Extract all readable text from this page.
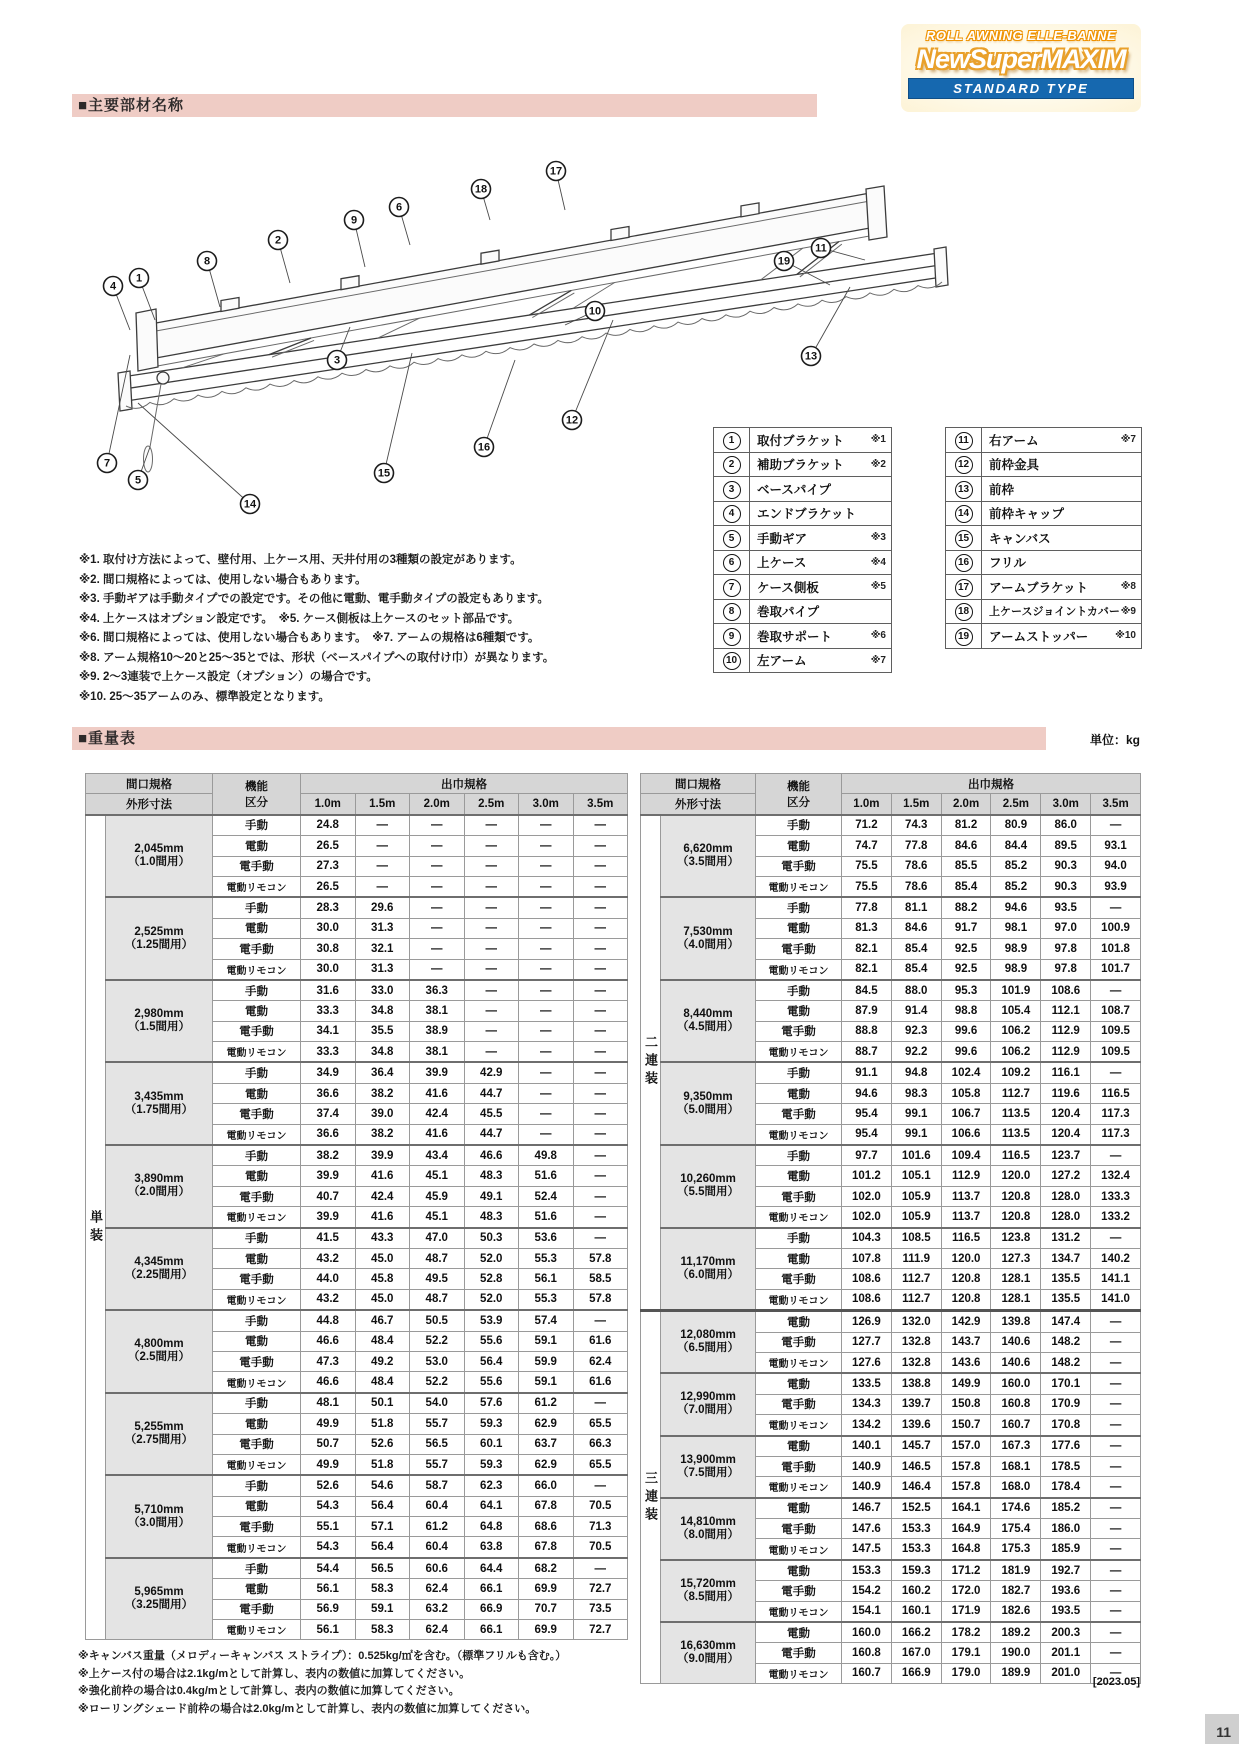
ROLL AWNING ELLE-BANNE
NewSuperMAXIM
STANDARD TYPE
■主要部材名称
1
2
3
4
5
6
7
8
9
10
11
12
13
14
15
16
17
18
19
1	取付ブラケット ※1

2	補助ブラケット ※2

3	ベースパイプ

4	エンドブラケット

5	手動ギア ※3

6	上ケース ※4

7	ケース側板 ※5

8	巻取パイプ

9	巻取サポート ※6

10	左アーム ※7
11	右アーム ※7

12	前枠金具

13	前枠

14	前枠キャップ

15	キャンバス

16	フリル

17	アームブラケット ※8

18	上ケースジョイントカバー ※9

19	アームストッパー ※10
※1. 取付け方法によって、壁付用、上ケース用、天井付用の3種類の設定があります。
※2. 間口規格によっては、使用しない場合もあります。
※3. 手動ギアは手動タイプでの設定です。その他に電動、電手動タイプの設定もあります。
※4. 上ケースはオプション設定です。　※5. ケース側板は上ケースのセット部品です。
※6. 間口規格によっては、使用しない場合もあります。　※7. アームの規格は6種類です。
※8. アーム規格10～20と25～35とでは、形状（ベースパイプへの取付け巾）が異なります。
※9. 2～3連装で上ケース設定（オプション）の場合です。
※10. 25～35アームのみ、標準設定となります。
■重量表	単位：kg
間口規格		機能
区分	出巾規格					
外形寸法			1.0m	1.5m	2.0m	2.5m	3.0m	3.5m

単装	2,045mm
（1.0間用）	手動	24.8	—	—	—	—	—
		電動	26.5	—	—	—	—	—
		電手動	27.3	—	—	—	—	—
		電動リモコン	26.5	—	—	—	—	—

	2,525mm
（1.25間用）	手動	28.3	29.6	—	—	—	—
		電動	30.0	31.3	—	—	—	—
		電手動	30.8	32.1	—	—	—	—
		電動リモコン	30.0	31.3	—	—	—	—

	2,980mm
（1.5間用）	手動	31.6	33.0	36.3	—	—	—
		電動	33.3	34.8	38.1	—	—	—
		電手動	34.1	35.5	38.9	—	—	—
		電動リモコン	33.3	34.8	38.1	—	—	—

	3,435mm
（1.75間用）	手動	34.9	36.4	39.9	42.9	—	—
		電動	36.6	38.2	41.6	44.7	—	—
		電手動	37.4	39.0	42.4	45.5	—	—
		電動リモコン	36.6	38.2	41.6	44.7	—	—

	3,890mm
（2.0間用）	手動	38.2	39.9	43.4	46.6	49.8	—
		電動	39.9	41.6	45.1	48.3	51.6	—
		電手動	40.7	42.4	45.9	49.1	52.4	—
		電動リモコン	39.9	41.6	45.1	48.3	51.6	—

	4,345mm
（2.25間用）	手動	41.5	43.3	47.0	50.3	53.6	—
		電動	43.2	45.0	48.7	52.0	55.3	57.8
		電手動	44.0	45.8	49.5	52.8	56.1	58.5
		電動リモコン	43.2	45.0	48.7	52.0	55.3	57.8

	4,800mm
（2.5間用）	手動	44.8	46.7	50.5	53.9	57.4	—
		電動	46.6	48.4	52.2	55.6	59.1	61.6
		電手動	47.3	49.2	53.0	56.4	59.9	62.4
		電動リモコン	46.6	48.4	52.2	55.6	59.1	61.6

	5,255mm
（2.75間用）	手動	48.1	50.1	54.0	57.6	61.2	—
		電動	49.9	51.8	55.7	59.3	62.9	65.5
		電手動	50.7	52.6	56.5	60.1	63.7	66.3
		電動リモコン	49.9	51.8	55.7	59.3	62.9	65.5

	5,710mm
（3.0間用）	手動	52.6	54.6	58.7	62.3	66.0	—
		電動	54.3	56.4	60.4	64.1	67.8	70.5
		電手動	55.1	57.1	61.2	64.8	68.6	71.3
		電動リモコン	54.3	56.4	60.4	63.8	67.8	70.5

	5,965mm
（3.25間用）	手動	54.4	56.5	60.6	64.4	68.2	—
		電動	56.1	58.3	62.4	66.1	69.9	72.7
		電手動	56.9	59.1	63.2	66.9	70.7	73.5
		電動リモコン	56.1	58.3	62.4	66.1	69.9	72.7
間口規格		機能
区分	出巾規格					
外形寸法			1.0m	1.5m	2.0m	2.5m	3.0m	3.5m

二連装	6,620mm
（3.5間用）	手動	71.2	74.3	81.2	80.9	86.0	—
		電動	74.7	77.8	84.6	84.4	89.5	93.1
		電手動	75.5	78.6	85.5	85.2	90.3	94.0
		電動リモコン	75.5	78.6	85.4	85.2	90.3	93.9

	7,530mm
（4.0間用）	手動	77.8	81.1	88.2	94.6	93.5	—
		電動	81.3	84.6	91.7	98.1	97.0	100.9
		電手動	82.1	85.4	92.5	98.9	97.8	101.8
		電動リモコン	82.1	85.4	92.5	98.9	97.8	101.7

	8,440mm
（4.5間用）	手動	84.5	88.0	95.3	101.9	108.6	—
		電動	87.9	91.4	98.8	105.4	112.1	108.7
		電手動	88.8	92.3	99.6	106.2	112.9	109.5
		電動リモコン	88.7	92.2	99.6	106.2	112.9	109.5

	9,350mm
（5.0間用）	手動	91.1	94.8	102.4	109.2	116.1	—
		電動	94.6	98.3	105.8	112.7	119.6	116.5
		電手動	95.4	99.1	106.7	113.5	120.4	117.3
		電動リモコン	95.4	99.1	106.6	113.5	120.4	117.3

	10,260mm
（5.5間用）	手動	97.7	101.6	109.4	116.5	123.7	—
		電動	101.2	105.1	112.9	120.0	127.2	132.4
		電手動	102.0	105.9	113.7	120.8	128.0	133.3
		電動リモコン	102.0	105.9	113.7	120.8	128.0	133.2

	11,170mm
（6.0間用）	手動	104.3	108.5	116.5	123.8	131.2	—
		電動	107.8	111.9	120.0	127.3	134.7	140.2
		電手動	108.6	112.7	120.8	128.1	135.5	141.1
		電動リモコン	108.6	112.7	120.8	128.1	135.5	141.0

三連装	12,080mm
（6.5間用）	電動	126.9	132.0	142.9	139.8	147.4	—
		電手動	127.7	132.8	143.7	140.6	148.2	—
		電動リモコン	127.6	132.8	143.6	140.6	148.2	—

	12,990mm
（7.0間用）	電動	133.5	138.8	149.9	160.0	170.1	—
		電手動	134.3	139.7	150.8	160.8	170.9	—
		電動リモコン	134.2	139.6	150.7	160.7	170.8	—

	13,900mm
（7.5間用）	電動	140.1	145.7	157.0	167.3	177.6	—
		電手動	140.9	146.5	157.8	168.1	178.5	—
		電動リモコン	140.9	146.4	157.8	168.0	178.4	—

	14,810mm
（8.0間用）	電動	146.7	152.5	164.1	174.6	185.2	—
		電手動	147.6	153.3	164.9	175.4	186.0	—
		電動リモコン	147.5	153.3	164.8	175.3	185.9	—

	15,720mm
（8.5間用）	電動	153.3	159.3	171.2	181.9	192.7	—
		電手動	154.2	160.2	172.0	182.7	193.6	—
		電動リモコン	154.1	160.1	171.9	182.6	193.5	—

	16,630mm
（9.0間用）	電動	160.0	166.2	178.2	189.2	200.3	—
		電手動	160.8	167.0	179.1	190.0	201.1	—
		電動リモコン	160.7	166.9	179.0	189.9	201.0	—
※キャンバス重量（メロディーキャンバス ストライプ）：0.525kg/㎡を含む。（標準フリルも含む。）
※上ケース付の場合は2.1kg/mとして計算し、表内の数値に加算してください。
※強化前枠の場合は0.4kg/mとして計算し、表内の数値に加算してください。
※ローリングシェード前枠の場合は2.0kg/mとして計算し、表内の数値に加算してください。
[2023.05]
11
